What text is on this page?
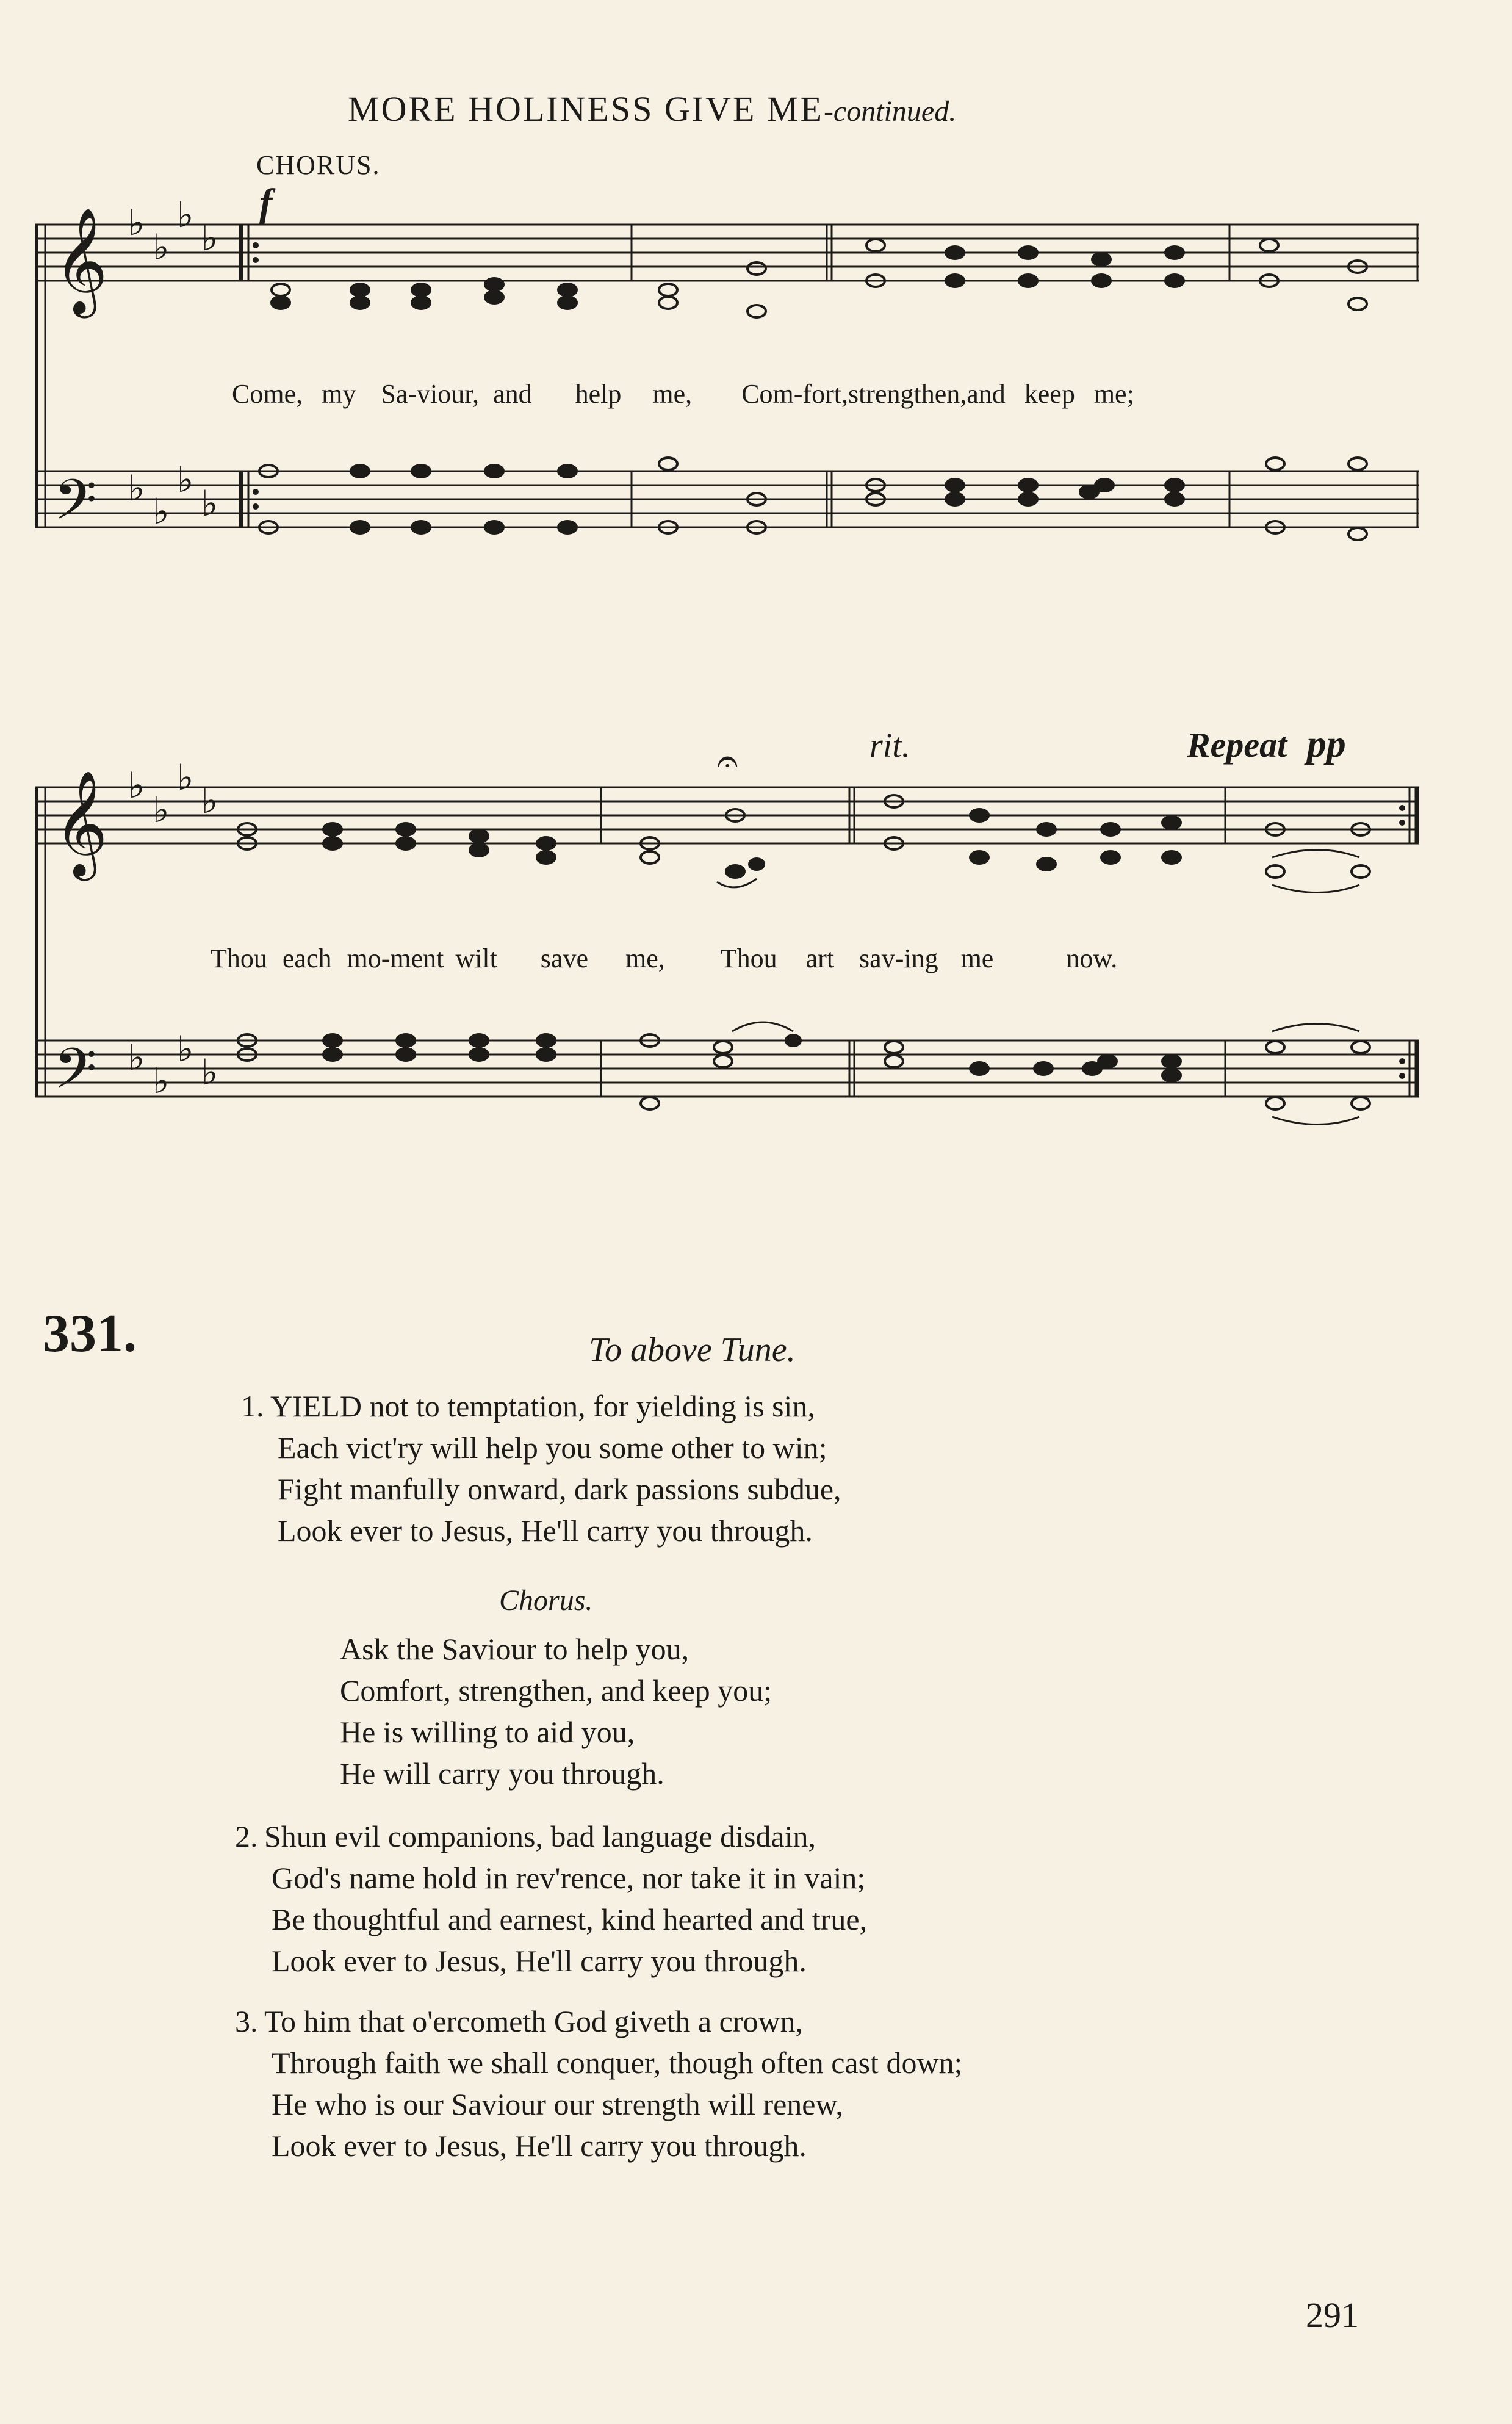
MORE HOLINESS GIVE ME-continued.
𝄞
𝄢
𝄞
𝄢
♭
♭
♭
♭
♭
♭
♭
♭
♭
♭
♭
♭
♭
♭
♭
♭
𝄐
CHORUS.
f
Come, my Sa-viour, and help me, Com-fort,strengthen,and keep me;
rit.	Repeat pp
Thou each mo-ment wilt save me, Thou art sav-ing me	now.
331.	To above Tune.
1. YIELD not to temptation, for yielding is sin,
Each vict'ry will help you some other to win;
Fight manfully onward, dark passions subdue,
Look ever to Jesus, He'll carry you through.
Chorus.
Ask the Saviour to help you,
Comfort, strengthen, and keep you;
He is willing to aid you,
He will carry you through.
2. Shun evil companions, bad language disdain,
God's name hold in rev'rence, nor take it in vain;
Be thoughtful and earnest, kind hearted and true,
Look ever to Jesus, He'll carry you through.
3. To him that o'ercometh God giveth a crown,
Through faith we shall conquer, though often cast down;
He who is our Saviour our strength will renew,
Look ever to Jesus, He'll carry you through.
291
